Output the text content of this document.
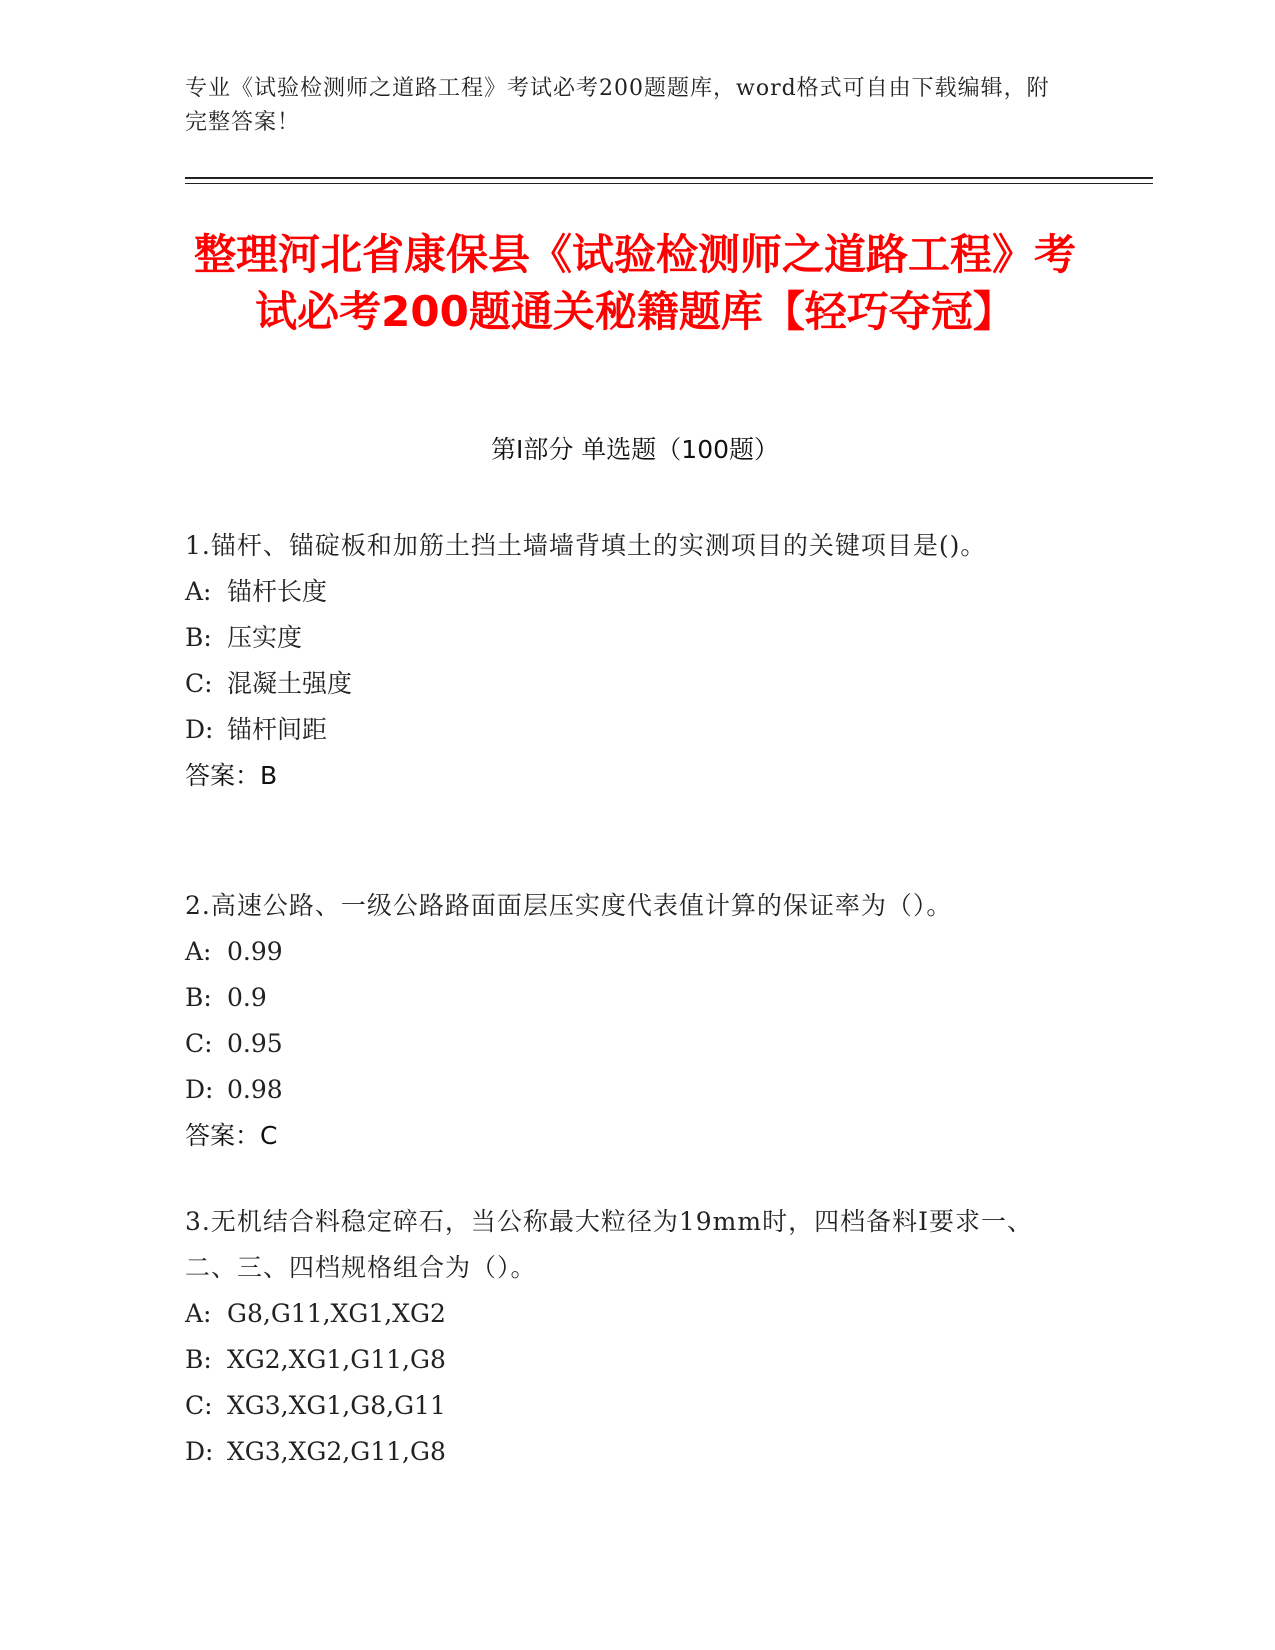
专业《试验检测师之道路工程》考试必考200题题库，word格式可自由下载编辑，附完整答案！
整理河北省康保县《试验检测师之道路工程》考试必考200题通关秘籍题库【轻巧夺冠】
第I部分 单选题（100题）
1.锚杆、锚碇板和加筋土挡土墙墙背填土的实测项目的关键项目是()。
A: 锚杆长度
B: 压实度
C: 混凝土强度
D: 锚杆间距
答案：B
2.高速公路、一级公路路面面层压实度代表值计算的保证率为（）。
A: 0.99
B: 0.9
C: 0.95
D: 0.98
答案：C
3.无机结合料稳定碎石，当公称最大粒径为19mm时，四档备料I要求一、二、三、四档规格组合为（）。
A: G8,G11,XG1,XG2
B: XG2,XG1,G11,G8
C: XG3,XG1,G8,G11
D: XG3,XG2,G11,G8
